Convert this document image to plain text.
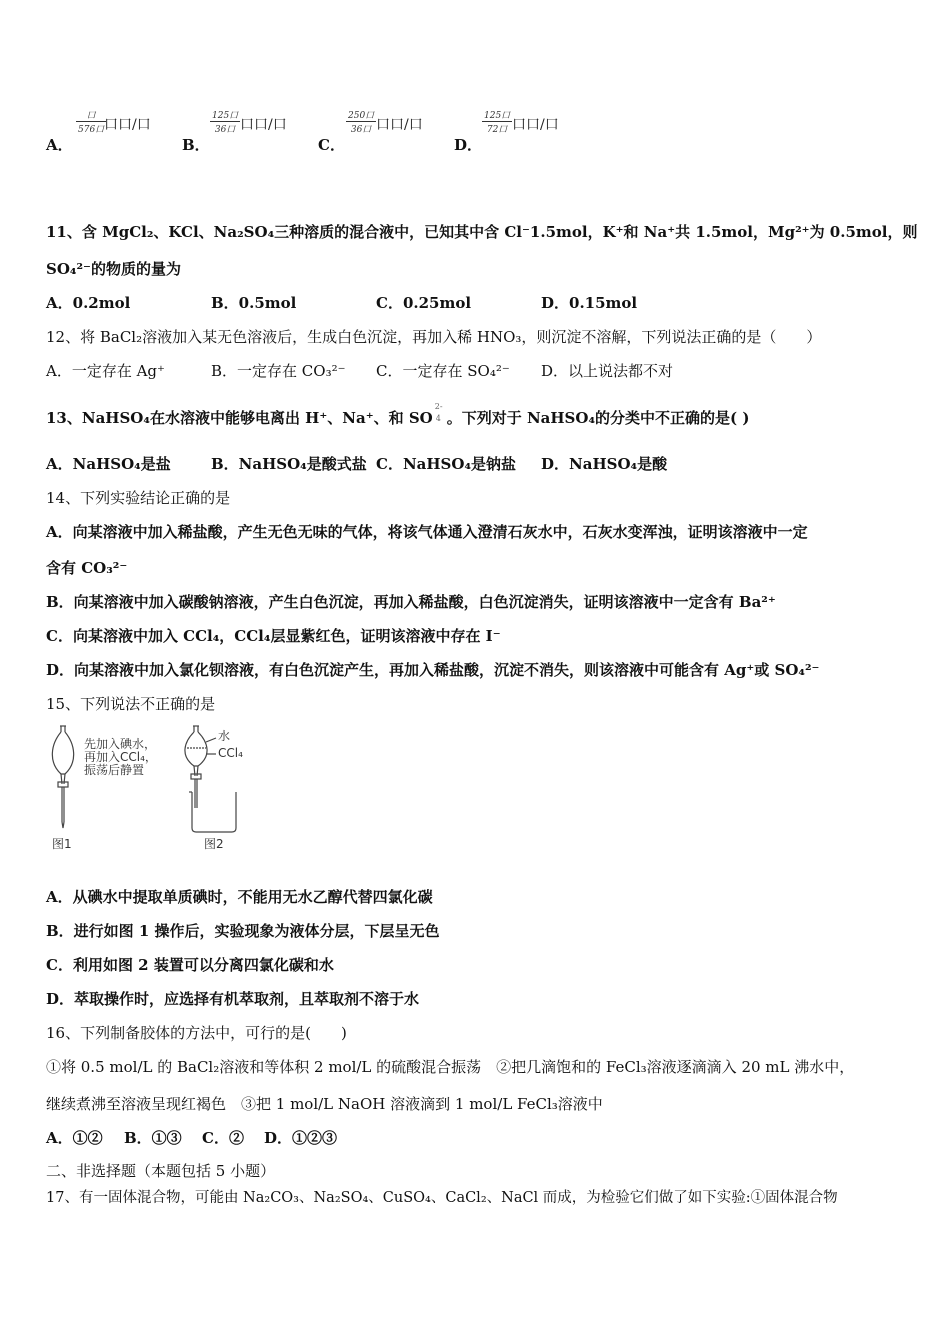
口
576口 口口/口
A．
125口
36口 口口/口
B．
250口
36口 口口/口
C．
125口
72口 口口/口
D．
11、含 MgCl₂、KCl、Na₂SO₄三种溶质的混合液中，已知其中含 Cl⁻1.5mol，K⁺和 Na⁺共 1.5mol，Mg²⁺为 0.5mol，则
SO₄²⁻的物质的量为
A．0.2mol	B．0.5mol	C．0.25mol	D．0.15mol
12、将 BaCl₂溶液加入某无色溶液后，生成白色沉淀，再加入稀 HNO₃，则沉淀不溶解，下列说法正确的是（　　）
A．一定存在 Ag⁺	B．一定存在 CO₃²⁻ C．一定存在 SO₄²⁻ D．以上说法都不对
13、NaHSO₄在水溶液中能够电离出 H⁺、Na⁺、和 SO
2-
4 。下列对于 NaHSO₄的分类中不正确的是( )
A．NaHSO₄是盐	B．NaHSO₄是酸式盐 C．NaHSO₄是钠盐 D．NaHSO₄是酸
14、下列实验结论正确的是
A．向某溶液中加入稀盐酸，产生无色无味的气体，将该气体通入澄清石灰水中，石灰水变浑浊，证明该溶液中一定
含有 CO₃²⁻
B．向某溶液中加入碳酸钠溶液，产生白色沉淀，再加入稀盐酸，白色沉淀消失，证明该溶液中一定含有 Ba²⁺
C．向某溶液中加入 CCl₄，CCl₄层显紫红色，证明该溶液中存在 I⁻
D．向某溶液中加入氯化钡溶液，有白色沉淀产生，再加入稀盐酸，沉淀不消失，则该溶液中可能含有 Ag⁺或 SO₄²⁻
15、下列说法不正确的是
先加入碘水，
再加入CCl₄，
振荡后静置
图1
水
CCl₄
图2
A．从碘水中提取单质碘时，不能用无水乙醇代替四氯化碳
B．进行如图 1 操作后，实验现象为液体分层，下层呈无色
C．利用如图 2 装置可以分离四氯化碳和水
D．萃取操作时，应选择有机萃取剂，且萃取剂不溶于水
16、下列制备胶体的方法中，可行的是(　　)
①将 0.5 mol/L 的 BaCl₂溶液和等体积 2 mol/L 的硫酸混合振荡　②把几滴饱和的 FeCl₃溶液逐滴滴入 20 mL 沸水中，
继续煮沸至溶液呈现红褐色　③把 1 mol/L NaOH 溶液滴到 1 mol/L FeCl₃溶液中
A．①② B．①③ C．② D．①②③
二、非选择题（本题包括 5 小题）
17、有一固体混合物，可能由 Na₂CO₃、Na₂SO₄、CuSO₄、CaCl₂、NaCl 而成，为检验它们做了如下实验:①固体混合物
